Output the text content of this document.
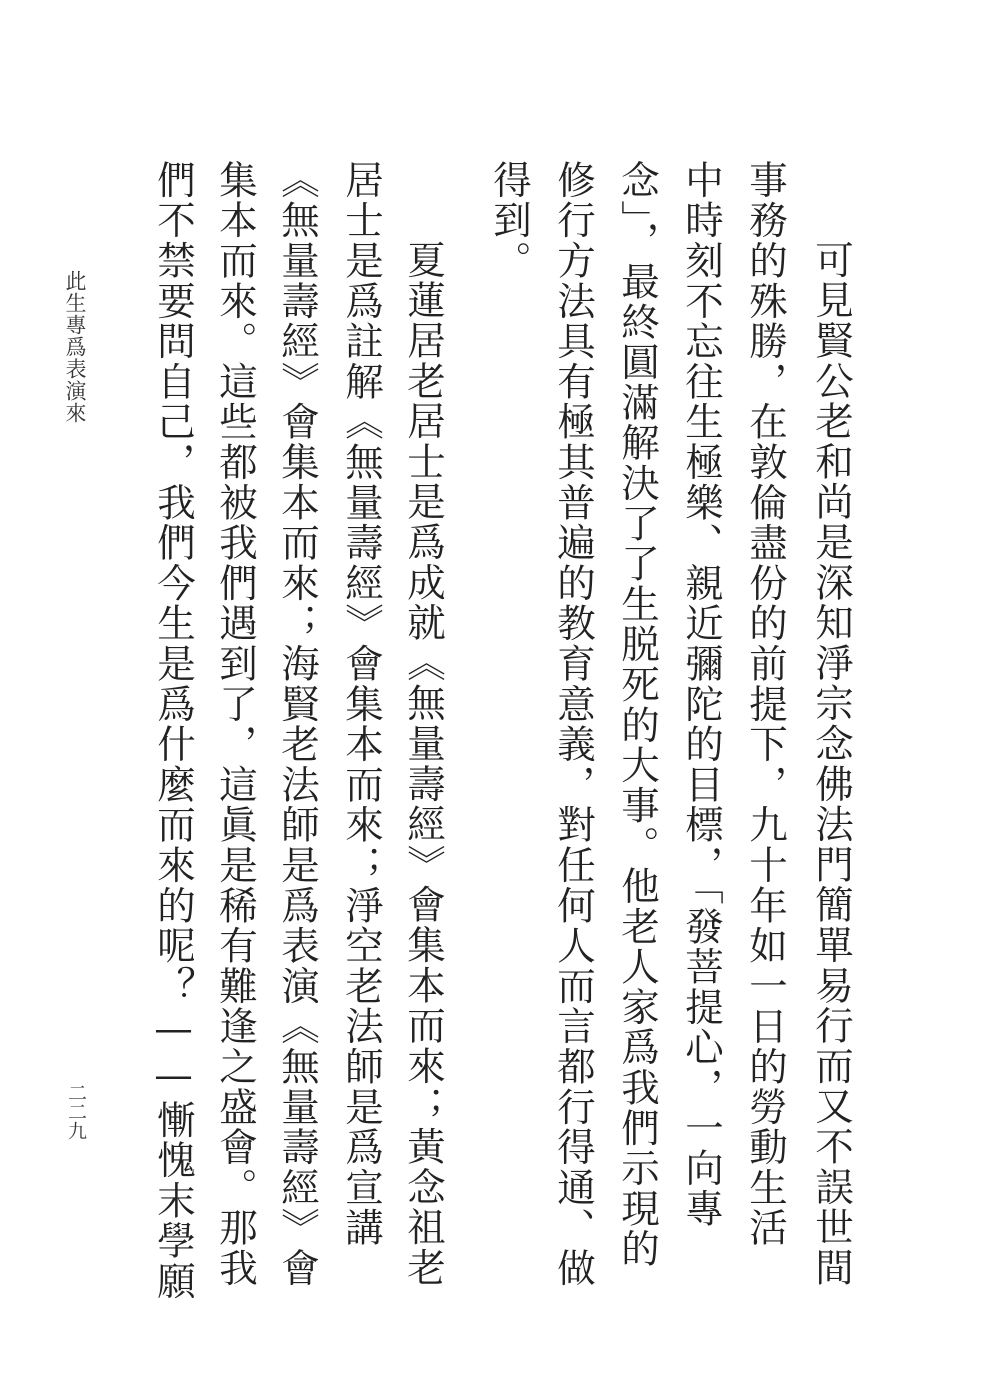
可見賢公老和尚是深知淨宗念佛法門簡單易行而又不誤世間
事務的殊勝，在敦倫盡份的前提下，九十年如一日的勞動生活
中時刻不忘往生極樂、親近彌陀的目標，「發菩提心，一向專
念」，最終圓滿解決了了生脱死的大事。他老人家爲我們示現的
修行方法具有極其普遍的教育意義，對任何人而言都行得通、做
得到。
夏蓮居老居士是爲成就《無量壽經》會集本而來；黃念祖老
居士是爲註解《無量壽經》會集本而來；淨空老法師是爲宣講
《無量壽經》會集本而來；海賢老法師是爲表演《無量壽經》會
集本而來。這些都被我們遇到了，這眞是稀有難逢之盛會。那我
們不禁要問自己，我們今生是爲什麼而來的呢？——慚愧末學願
此生專爲表演來
二二九
